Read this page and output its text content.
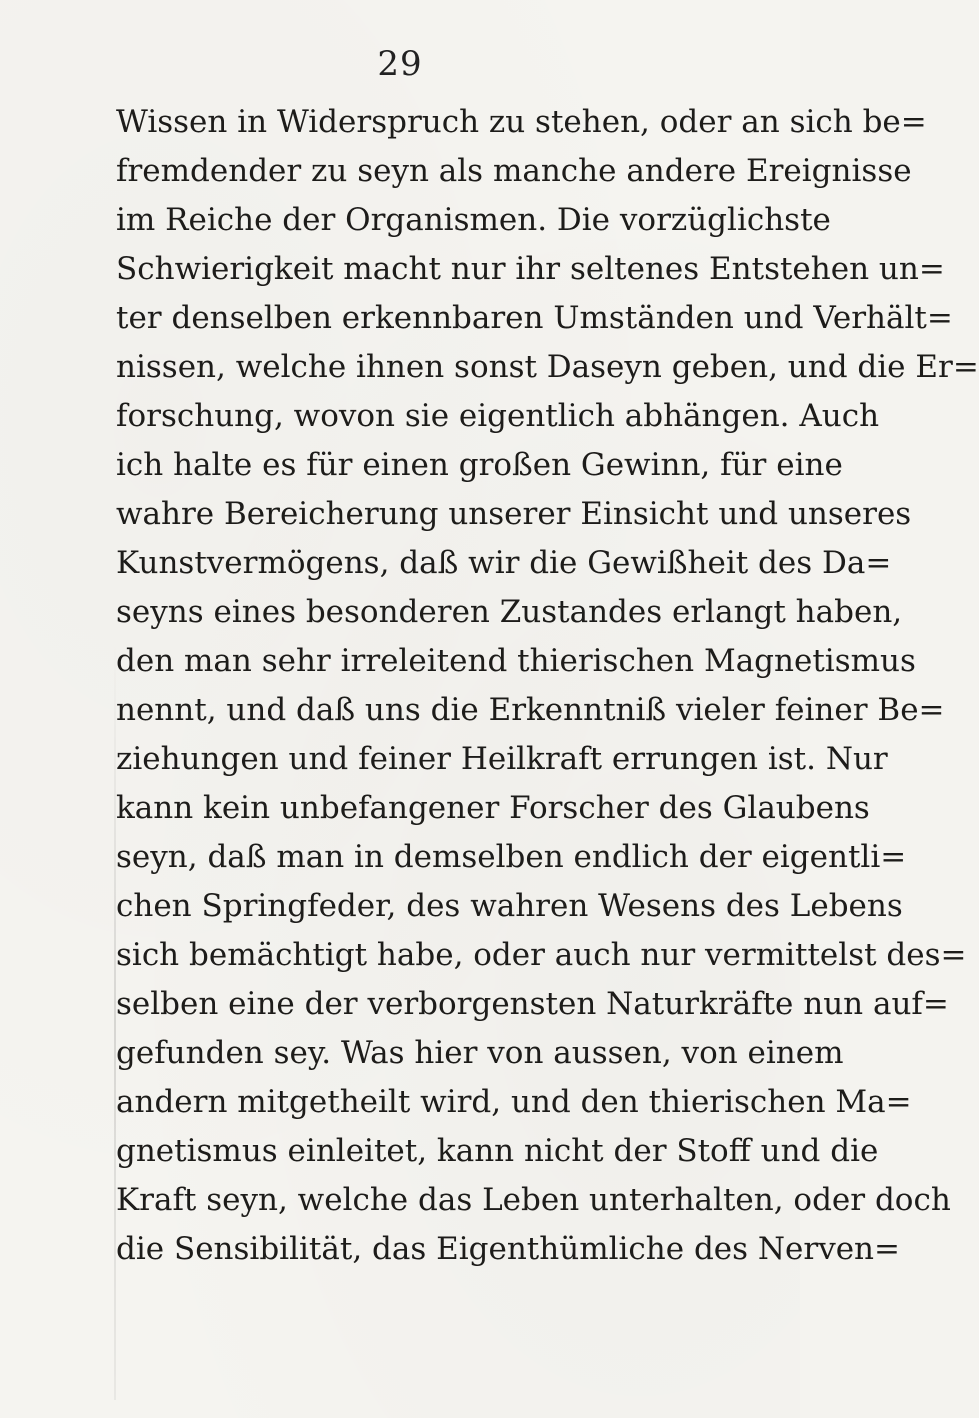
29
Wissen in Widerspruch zu stehen, oder an sich be=
fremdender zu seyn als manche andere Ereignisse
im Reiche der Organismen. Die vorzüglichste
Schwierigkeit macht nur ihr seltenes Entstehen un=
ter denselben erkennbaren Umständen und Verhält=
nissen, welche ihnen sonst Daseyn geben, und die Er=
forschung, wovon sie eigentlich abhängen. Auch
ich halte es für einen großen Gewinn, für eine
wahre Bereicherung unserer Einsicht und unseres
Kunstvermögens, daß wir die Gewißheit des Da=
seyns eines besonderen Zustandes erlangt haben,
den man sehr irreleitend thierischen Magnetismus
nennt, und daß uns die Erkenntniß vieler feiner Be=
ziehungen und feiner Heilkraft errungen ist. Nur
kann kein unbefangener Forscher des Glaubens
seyn, daß man in demselben endlich der eigentli=
chen Springfeder, des wahren Wesens des Lebens
sich bemächtigt habe, oder auch nur vermittelst des=
selben eine der verborgensten Naturkräfte nun auf=
gefunden sey. Was hier von aussen, von einem
andern mitgetheilt wird, und den thierischen Ma=
gnetismus einleitet, kann nicht der Stoff und die
Kraft seyn, welche das Leben unterhalten, oder doch
die Sensibilität, das Eigenthümliche des Nerven=
